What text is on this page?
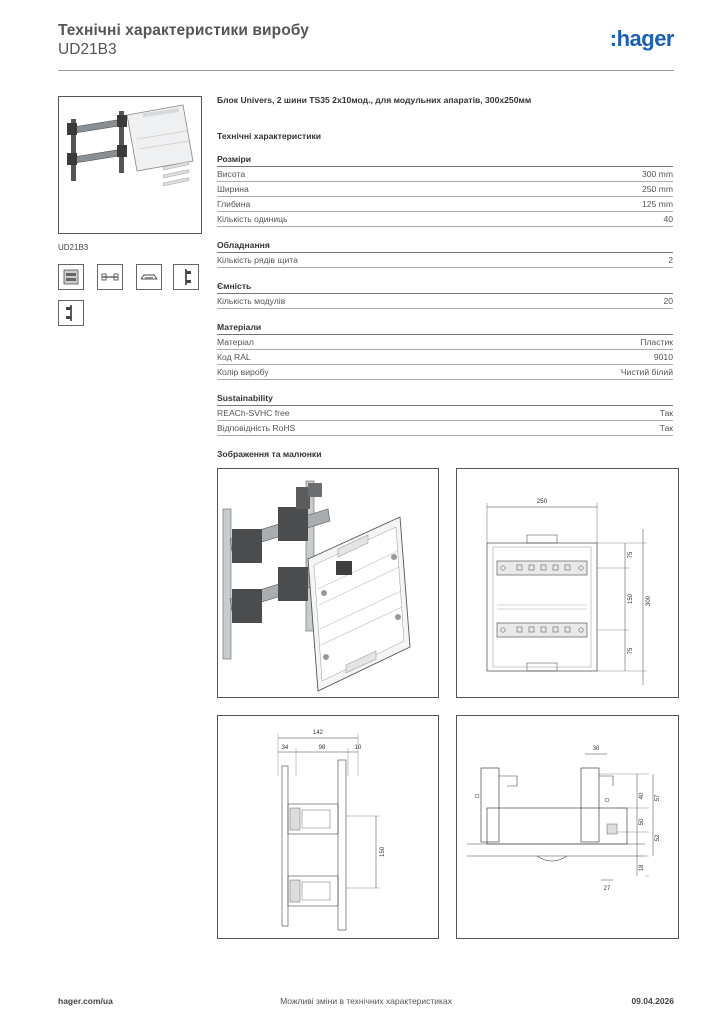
Технічні характеристики виробу
UD21B3	:hager
UD21B3
Блок Univers, 2 шини TS35 2x10мод., для модульних апаратів, 300x250мм
Технічні характеристики
Розміри
Висота	300 mm
Ширина	250 mm
Глибина	125 mm
Кількість одиниць	40
Обладнання
Кількість рядів щита	2
Ємність
Кількість модулів	20
Матеріали
Матеріал	Пластик
Код RAL	9010
Колір виробу	Чистий білий
Sustainability
REACh-SVHC free	Так
Відповідність RoHS	Так
Зображення та малюнки
250
75
150
75
300
142
34	98	10
150
30
40 57
50
52
18
27
hager.com/ua	Можливі зміни в технічних характеристиках	09.04.2026
